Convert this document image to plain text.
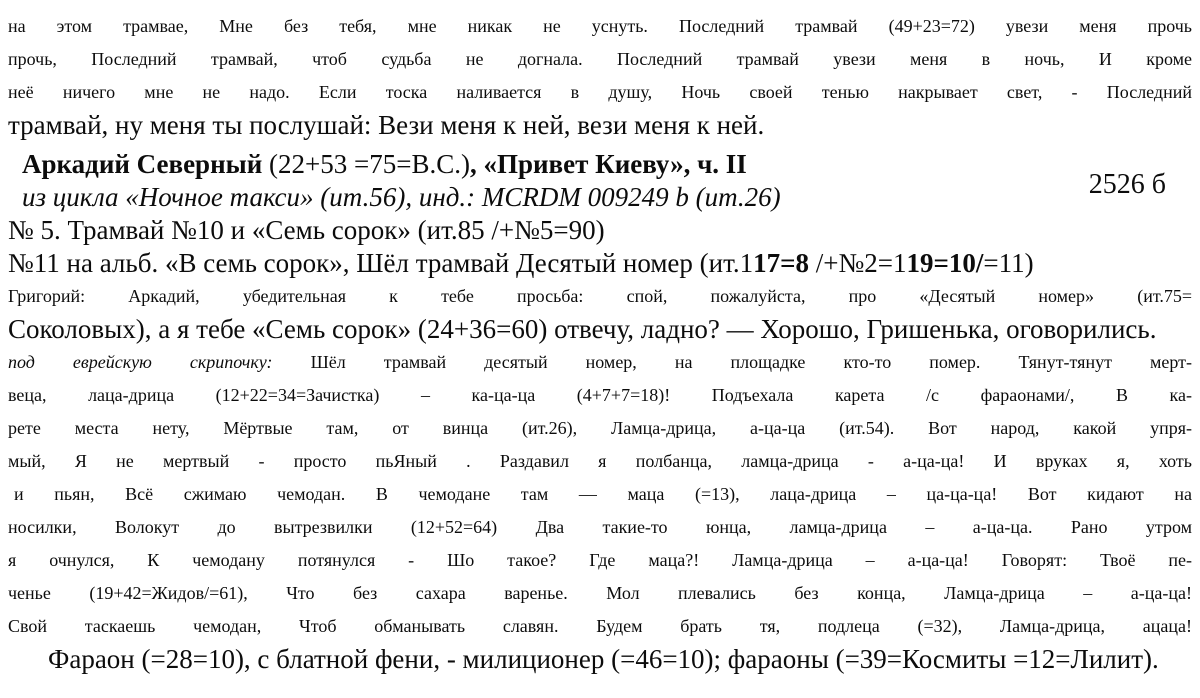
2526 б
на этом трамвае, Мне без тебя, мне никак не уснуть. Последний трамвай (49+23=72) увези меня прочь
прочь, Последний трамвай, чтоб судьба не догнала. Последний трамвай увези меня в ночь, И кроме
неё ничего мне не надо. Если тоска наливается в душу, Ночь своей тенью накрывает свет, - Последний
трамвай, ну меня ты послушай: Вези меня к ней, вези меня к ней.
Аркадий Северный (22+53 =75=В.С.), «Привет Киеву», ч. II
из цикла «Ночное такси» (ит.56), инд.: MCRDM 009249 b (ит.26)
№ 5. Трамвай №10 и «Семь сорок» (ит.85 /+№5=90)
№11 на альб. «В семь сорок», Шёл трамвай Десятый номер (ит.117=8 /+№2=119=10/=11)
Григорий: Аркадий, убедительная к тебе просьба: спой, пожалуйста, про «Десятый номер» (ит.75=
Соколовых), а я тебе «Семь сорок» (24+36=60) отвечу, ладно? — Хорошо, Гришенька, оговорились.
под еврейскую скрипочку: Шёл трамвай десятый номер, на площадке кто-то помер. Тянут-тянут мерт-
веца, лаца-дрица (12+22=34=Зачистка) – ка-ца-ца (4+7+7=18)! Подъехала карета /с фараонами/, В ка-
рете места нету, Мёртвые там, от винца (ит.26), Ламца-дрица, а-ца-ца (ит.54). Вот народ, какой упря-
мый, Я не мертвый - просто пьЯный . Раздавил я полбанца, ламца-дрица - а-ца-ца! И вруках я, хоть
и пьян, Всё сжимаю чемодан. В чемодане там — маца (=13), лаца-дрица – ца-ца-ца! Вот кидают на
носилки, Волокут до вытрезвилки (12+52=64) Два такие-то юнца, ламца-дрица – а-ца-ца. Рано утром
я очнулся, К чемодану потянулся - Шо такое? Где маца?! Ламца-дрица – а-ца-ца! Говорят: Твоё пе-
ченье (19+42=Жидов/=61), Что без сахара варенье. Мол плевались без конца, Ламца-дрица – а-ца-ца!
Свой таскаешь чемодан, Чтоб обманывать славян. Будем брать тя, подлеца (=32), Ламца-дрица, ацаца!
Фараон (=28=10), с блатной фени, - милиционер (=46=10); фараоны (=39=Космиты =12=Лилит).
